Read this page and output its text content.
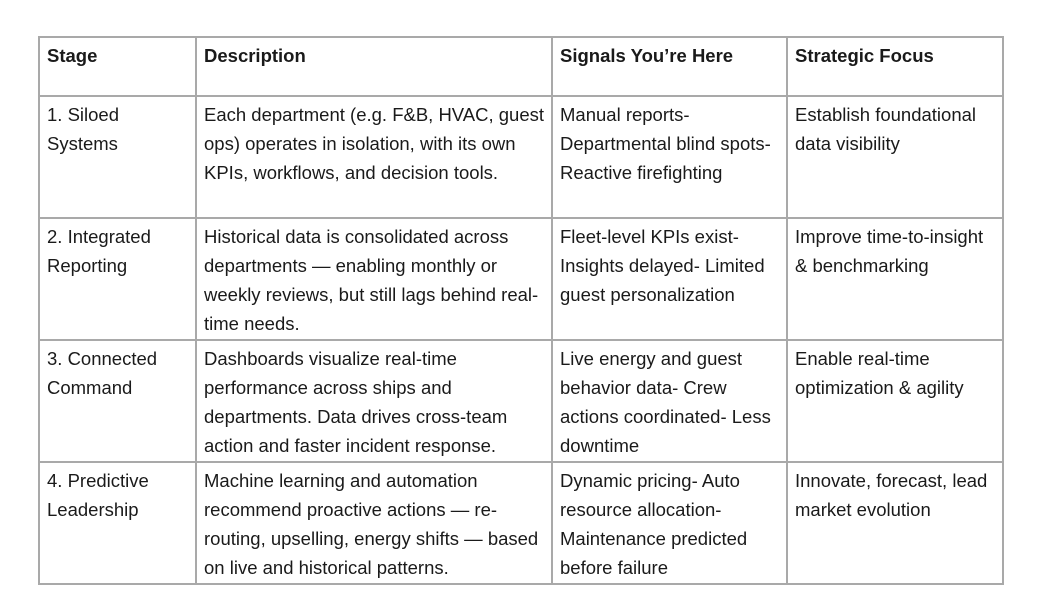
Stage	Description	Signals You’re Here	Strategic Focus
1. Siloed Systems	Each department (e.g. F&B, HVAC, guest ops) operates in isolation, with its own KPIs, workflows, and decision tools.	Manual reports- Departmental blind spots- Reactive firefighting	Establish foundational data visibility
2. Integrated Reporting	Historical data is consolidated across departments — enabling monthly or weekly reviews, but still lags behind real-time needs.	Fleet-level KPIs exist- Insights delayed- Limited guest personalization	Improve time-to-insight & benchmarking
3. Connected Command	Dashboards visualize real-time performance across ships and departments. Data drives cross-team action and faster incident response.	Live energy and guest behavior data- Crew actions coordinated- Less downtime	Enable real-time optimization & agility
4. Predictive Leadership	Machine learning and automation recommend proactive actions — re-routing, upselling, energy shifts — based on live and historical patterns.	Dynamic pricing- Auto resource allocation- Maintenance predicted before failure	Innovate, forecast, lead market evolution
